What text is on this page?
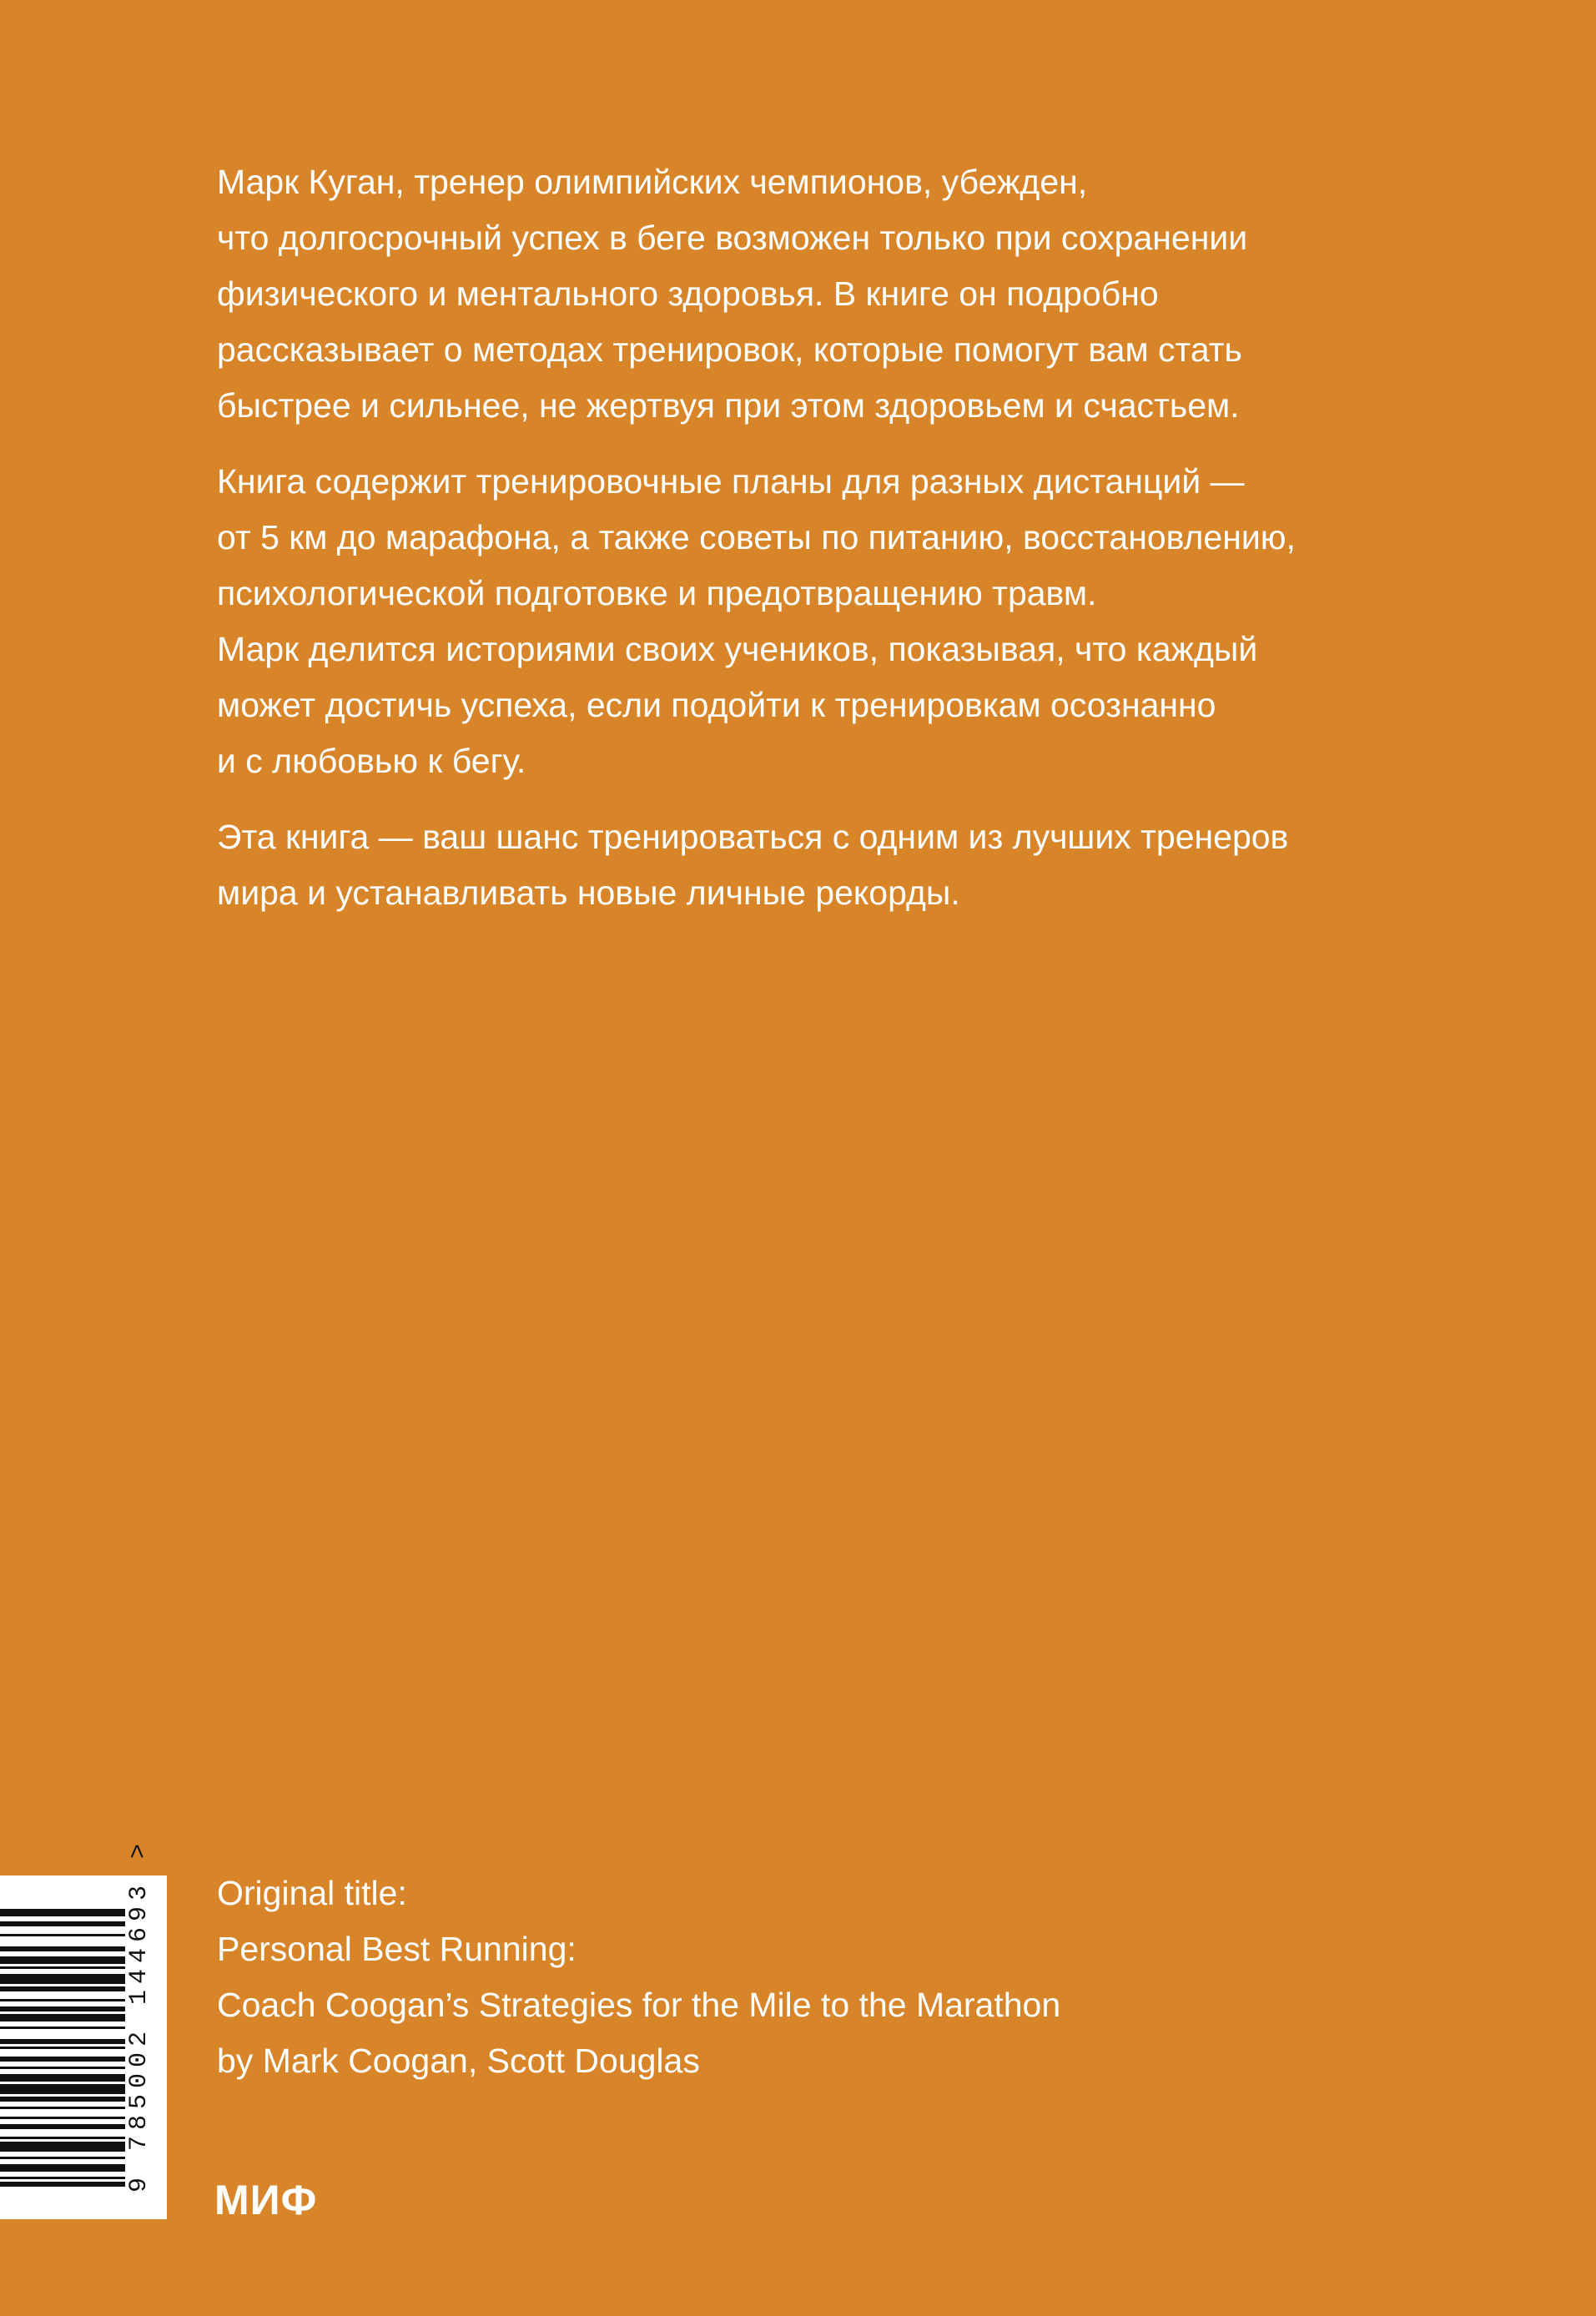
Марк Куган, тренер олимпийских чемпионов, убежден,
что долгосрочный успех в беге возможен только при сохранении
физического и ментального здоровья. В книге он подробно
рассказывает о методах тренировок, которые помогут вам стать
быстрее и сильнее, не жертвуя при этом здоровьем и счастьем.

Книга содержит тренировочные планы для разных дистанций —
от 5 км до марафона, а также советы по питанию, восстановлению,
психологической подготовке и предотвращению травм.
Марк делится историями своих учеников, показывая, что каждый
может достичь успеха, если подойти к тренировкам осознанно
и с любовью к бегу.

Эта книга — ваш шанс тренироваться с одним из лучших тренеров
мира и устанавливать новые личные рекорды.

Original title:
Personal Best Running:
Coach Coogan’s Strategies for the Mile to the Marathon
by Mark Coogan, Scott Douglas
9 785002 144693 >
МИФ
